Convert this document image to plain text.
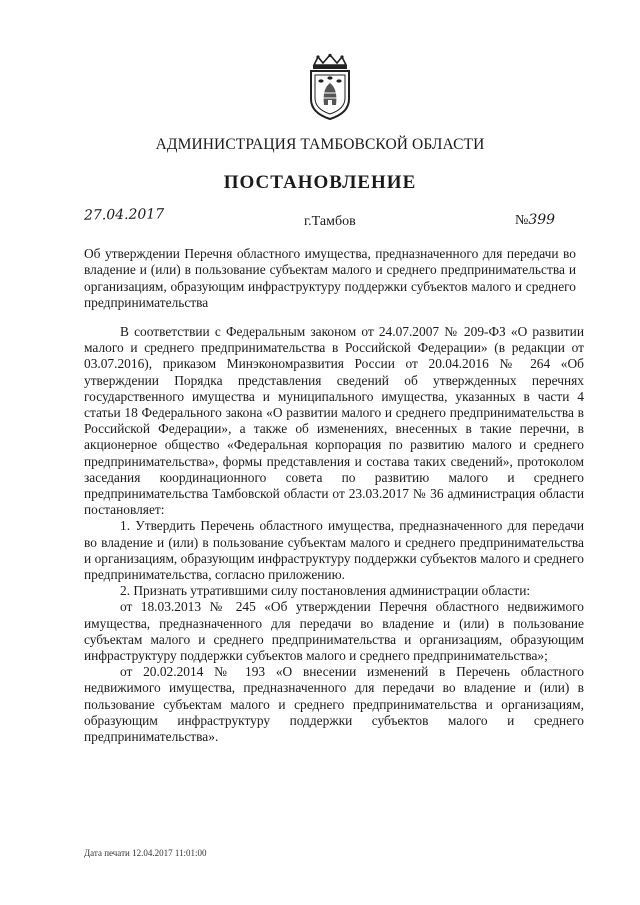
АДМИНИСТРАЦИЯ ТАМБОВСКОЙ ОБЛАСТИ
ПОСТАНОВЛЕНИЕ
27.04.2017	г.Тамбов	№399
Об утверждении Перечня областного имущества, предназначенного для передачи во владение и (или) в пользование субъектам малого и среднего предпринимательства и организациям, образующим инфраструктуру поддержки субъектов малого и среднего предпринимательства

В соответствии с Федеральным законом от 24.07.2007 № 209-ФЗ «О развитии малого и среднего предпринимательства в Российской Федерации» (в редакции от 03.07.2016), приказом Минэкономразвития России от 20.04.2016 № 264 «Об утверждении Порядка представления сведений об утвержденных перечнях государственного имущества и муниципального имущества, указанных в части 4 статьи 18 Федерального закона «О развитии малого и среднего предпринимательства в Российской Федерации», а также об изменениях, внесенных в такие перечни, в акционерное общество «Федеральная корпорация по развитию малого и среднего предпринимательства», формы представления и состава таких сведений», протоколом заседания координационного совета по развитию малого и среднего предпринимательства Тамбовской области от 23.03.2017 № 36 администрация области постановляет:

1. Утвердить Перечень областного имущества, предназначенного для передачи во владение и (или) в пользование субъектам малого и среднего предпринимательства и организациям, образующим инфраструктуру поддержки субъектов малого и среднего предпринимательства, согласно приложению.

2. Признать утратившими силу постановления администрации области:

от 18.03.2013 № 245 «Об утверждении Перечня областного недвижимого имущества, предназначенного для передачи во владение и (или) в пользование субъектам малого и среднего предпринимательства и организациям, образующим инфраструктуру поддержки субъектов малого и среднего предпринимательства»;

от 20.02.2014 № 193 «О внесении изменений в Перечень областного недвижимого имущества, предназначенного для передачи во владение и (или) в пользование субъектам малого и среднего предпринимательства и организациям, образующим инфраструктуру поддержки субъектов малого и среднего предпринимательства».

Дата печати 12.04.2017 11:01:00
